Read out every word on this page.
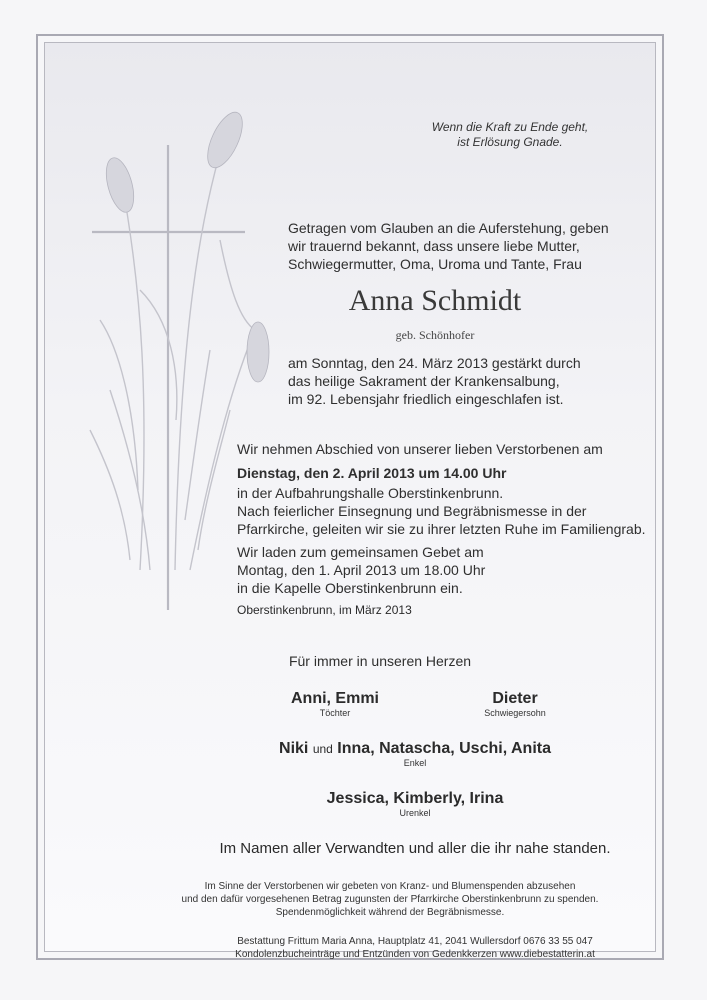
Wenn die Kraft zu Ende geht,
ist Erlösung Gnade.
Getragen vom Glauben an die Auferstehung, geben
wir trauernd bekannt, dass unsere liebe Mutter,
Schwiegermutter, Oma, Uroma und Tante, Frau
Anna Schmidt
geb. Schönhofer
am Sonntag, den 24. März 2013 gestärkt durch
das heilige Sakrament der Krankensalbung,
im 92. Lebensjahr friedlich eingeschlafen ist.
Wir nehmen Abschied von unserer lieben Verstorbenen am
Dienstag, den 2. April 2013 um 14.00 Uhr
in der Aufbahrungshalle Oberstinkenbrunn.
Nach feierlicher Einsegnung und Begräbnismesse in der
Pfarrkirche, geleiten wir sie zu ihrer letzten Ruhe im Familiengrab.
Wir laden zum gemeinsamen Gebet am
Montag, den 1. April 2013 um 18.00 Uhr
in die Kapelle Oberstinkenbrunn ein.
Oberstinkenbrunn, im März 2013
Für immer in unseren Herzen
Anni, Emmi
Töchter
Dieter
Schwiegersohn
Niki und Inna, Natascha, Uschi, Anita
Enkel
Jessica, Kimberly, Irina
Urenkel
Im Namen aller Verwandten und aller die ihr nahe standen.
Im Sinne der Verstorbenen wir gebeten von Kranz- und Blumenspenden abzusehen
und den dafür vorgesehenen Betrag zugunsten der Pfarrkirche Oberstinkenbrunn zu spenden.
Spendenmöglichkeit während der Begräbnismesse.
Bestattung Frittum Maria Anna, Hauptplatz 41, 2041 Wullersdorf 0676 33 55 047
Kondolenzbucheinträge und Entzünden von Gedenkkerzen www.diebestatterin.at
